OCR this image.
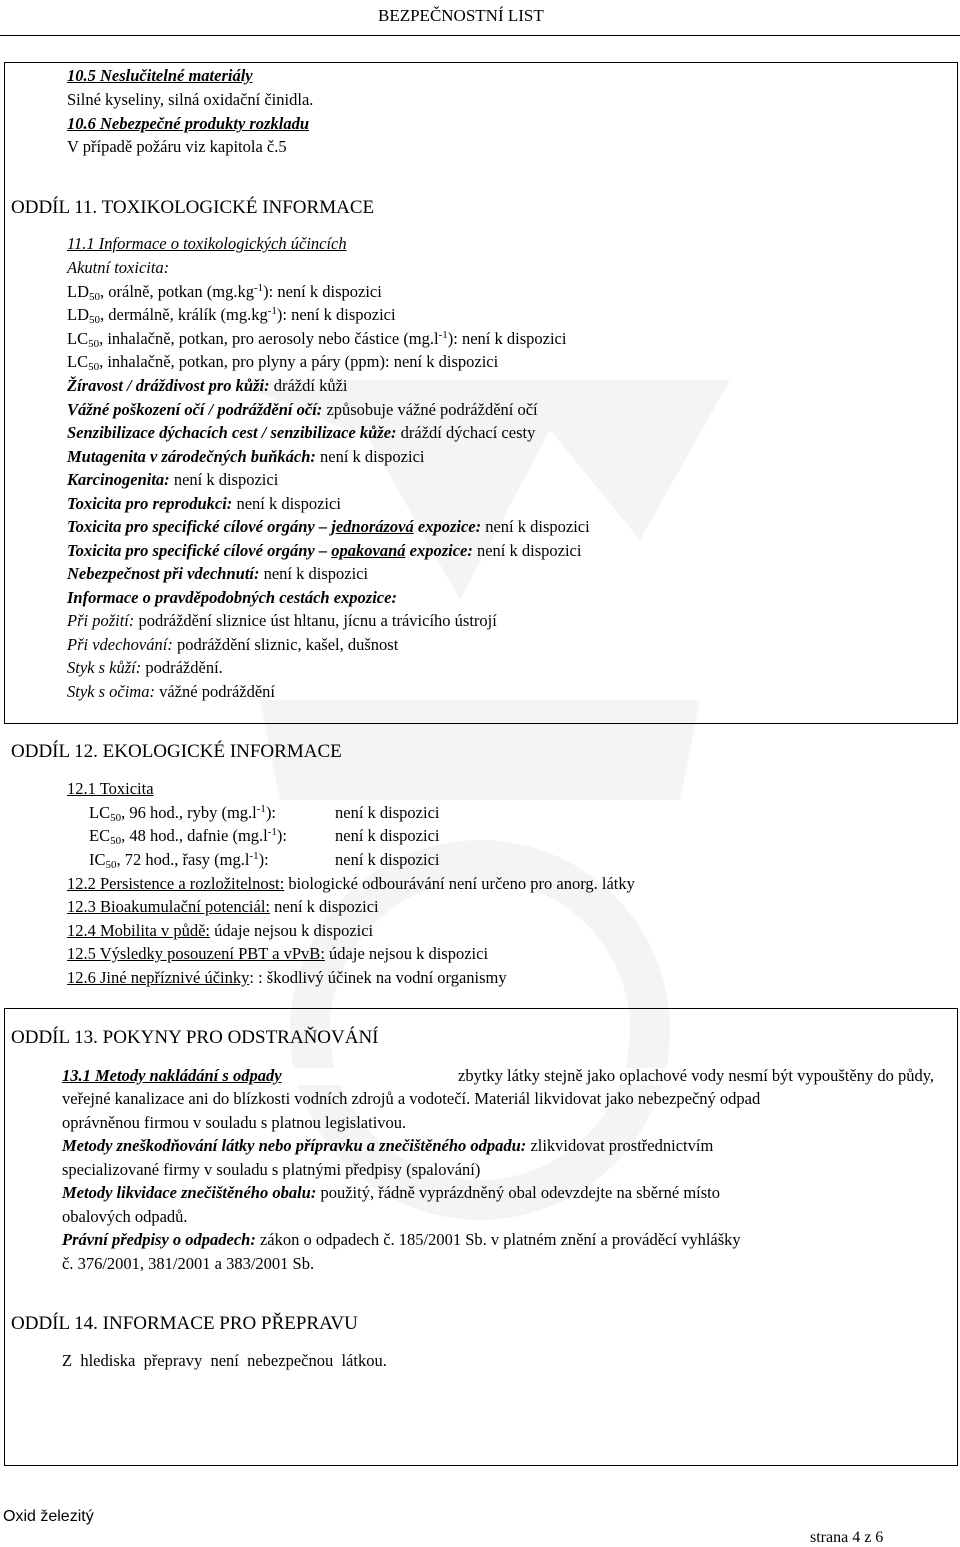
BEZPEČNOSTNÍ LIST
10.5 Neslučitelné materiály
Silné kyseliny, silná oxidační činidla.
10.6 Nebezpečné produkty rozkladu
V případě požáru viz kapitola č.5
ODDÍL 11. TOXIKOLOGICKÉ INFORMACE
11.1 Informace o toxikologických účincích
Akutní toxicita:
$LD_{50}$, orálně, potkan $(mg.kg^{-1})$: není k dispozici
$LD_{50}$, dermálně, králík $(mg.kg^{-1})$: není k dispozici
$LC_{50}$, inhalačně, potkan, pro aerosoly nebo částice $(mg.l^{-1})$: není k dispozici
$LC_{50}$, inhalačně, potkan, pro plyny a páry (ppm): není k dispozici
Žíravost / dráždivost pro kůži: dráždí kůži
Vážné poškození očí / podráždění očí: způsobuje vážné podráždění očí
Senzibilizace dýchacích cest / senzibilizace kůže: dráždí dýchací cesty
Mutagenita v zárodečných buňkách: není k dispozici
Karcinogenita: není k dispozici
Toxicita pro reprodukci: není k dispozici
Toxicita pro specifické cílové orgány – jednorázová expozice: není k dispozici
Toxicita pro specifické cílové orgány – opakovaná expozice: není k dispozici
Nebezpečnost při vdechnutí: není k dispozici
Informace o pravděpodobných cestách expozice:
Při požití: podráždění sliznice úst hltanu, jícnu a trávicího ústrojí
Při vdechování: podráždění sliznic, kašel, dušnost
Styk s kůží: podráždění.
Styk s očima: vážné podráždění
ODDÍL 12. EKOLOGICKÉ INFORMACE
12.1 Toxicita
$LC_{50}$, 96 hod., ryby $(mg.l^{-1})$:	není k dispozici
$EC_{50}$, 48 hod., dafnie $(mg.l^{-1})$:	není k dispozici
$IC_{50}$, 72 hod., řasy $(mg.l^{-1})$:	není k dispozici
12.2 Persistence a rozložitelnost: biologické odbourávání není určeno pro anorg. látky
12.3 Bioakumulační potenciál: není k dispozici
12.4 Mobilita v půdě: údaje nejsou k dispozici
12.5 Výsledky posouzení PBT a vPvB: údaje nejsou k dispozici
12.6 Jiné nepříznivé účinky: : škodlivý účinek na vodní organismy
ODDÍL 13. POKYNY PRO ODSTRAŇOVÁNÍ
13.1 Metody nakládání s odpady	zbytky látky stejně jako oplachové vody nesmí být vypouštěny do půdy,
veřejné kanalizace ani do blízkosti vodních zdrojů a vodotečí. Materiál likvidovat jako nebezpečný odpad
oprávněnou firmou v souladu s platnou legislativou.
Metody zneškodňování látky nebo přípravku a znečištěného odpadu: zlikvidovat prostřednictvím
specializované firmy v souladu s platnými předpisy (spalování)
Metody likvidace znečištěného obalu: použitý, řádně vyprázdněný obal odevzdejte na sběrné místo
obalových odpadů.
Právní předpisy o odpadech: zákon o odpadech č. 185/2001 Sb. v platném znění a prováděcí vyhlášky
č. 376/2001, 381/2001 a 383/2001 Sb.
ODDÍL 14. INFORMACE PRO PŘEPRAVU
Z  hlediska  přepravy  není  nebezpečnou  látkou.
Oxid železitý
strana 4 z 6
